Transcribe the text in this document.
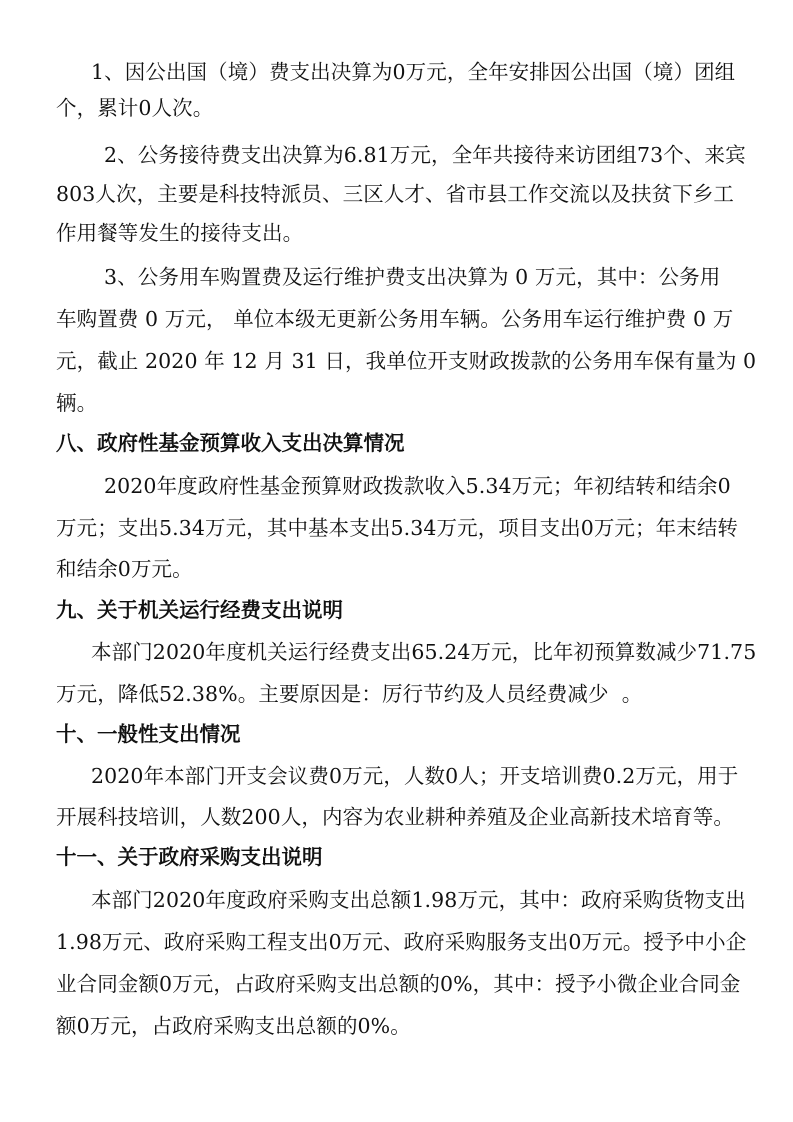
1、因公出国（境）费支出决算为0万元，全年安排因公出国（境）团组
个，累计0人次。
2、公务接待费支出决算为6.81万元，全年共接待来访团组73个、来宾
803人次，主要是科技特派员、三区人才、省市县工作交流以及扶贫下乡工
作用餐等发生的接待支出。
3、公务用车购置费及运行维护费支出决算为 0 万元，其中：公务用
车购置费 0 万元， 单位本级无更新公务用车辆。公务用车运行维护费 0 万
元，截止 2020 年 12 月 31 日，我单位开支财政拨款的公务用车保有量为 0
辆。
八、政府性基金预算收入支出决算情况
2020年度政府性基金预算财政拨款收入5.34万元；年初结转和结余0
万元；支出5.34万元，其中基本支出5.34万元，项目支出0万元；年末结转
和结余0万元。
九、关于机关运行经费支出说明
本部门2020年度机关运行经费支出65.24万元，比年初预算数减少71.75
万元，降低52.38%。主要原因是：厉行节约及人员经费减少  。
十、一般性支出情况
2020年本部门开支会议费0万元，人数0人；开支培训费0.2万元，用于
开展科技培训，人数200人，内容为农业耕种养殖及企业高新技术培育等。
十一、关于政府采购支出说明
本部门2020年度政府采购支出总额1.98万元，其中：政府采购货物支出
1.98万元、政府采购工程支出0万元、政府采购服务支出0万元。授予中小企
业合同金额0万元，占政府采购支出总额的0%，其中：授予小微企业合同金
额0万元，占政府采购支出总额的0%。
